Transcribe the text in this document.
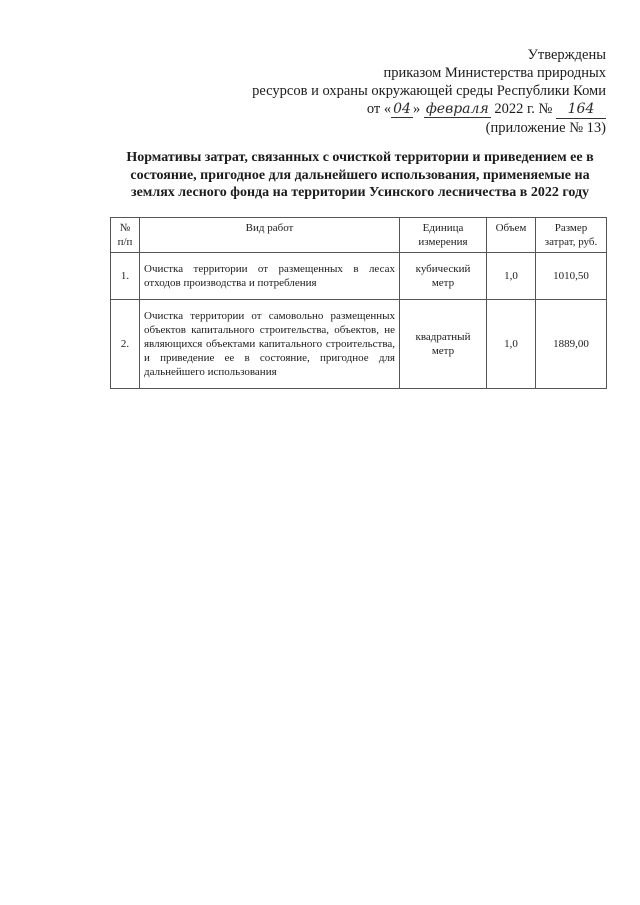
Утверждены
приказом Министерства природных
ресурсов и охраны окружающей среды Республики Коми
от « 04 » февраля 2022 г. № 164
(приложение № 13)
Нормативы затрат, связанных с очисткой территории и приведением ее в состояние, пригодное для дальнейшего использования, применяемые на землях лесного фонда на территории Усинского лесничества в 2022 году
№ п/п	Вид работ	Единица измерения	Объем	Размер затрат, руб.
1.	Очистка территории от размещенных в лесах отходов производства и потребления	кубический метр	1,0	1010,50
2.	Очистка территории от самовольно размещенных объектов капитального строительства, объектов, не являющихся объектами капитального строительства, и приведение ее в состояние, пригодное для дальнейшего использования	квадратный метр	1,0	1889,00
